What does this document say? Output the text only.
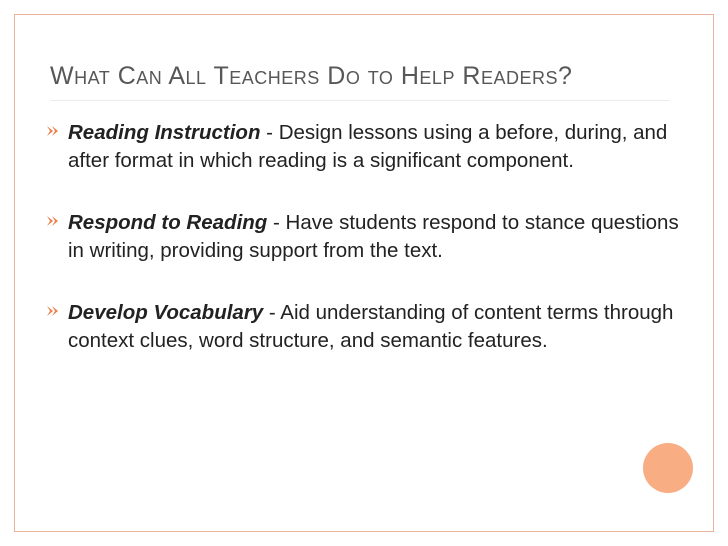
What Can All Teachers Do to Help Readers?
Reading Instruction - Design lessons using a before, during, and after format in which reading is a significant component.
Respond to Reading - Have students respond to stance questions in writing, providing support from the text.
Develop Vocabulary - Aid understanding of content terms through context clues, word structure, and semantic features.
